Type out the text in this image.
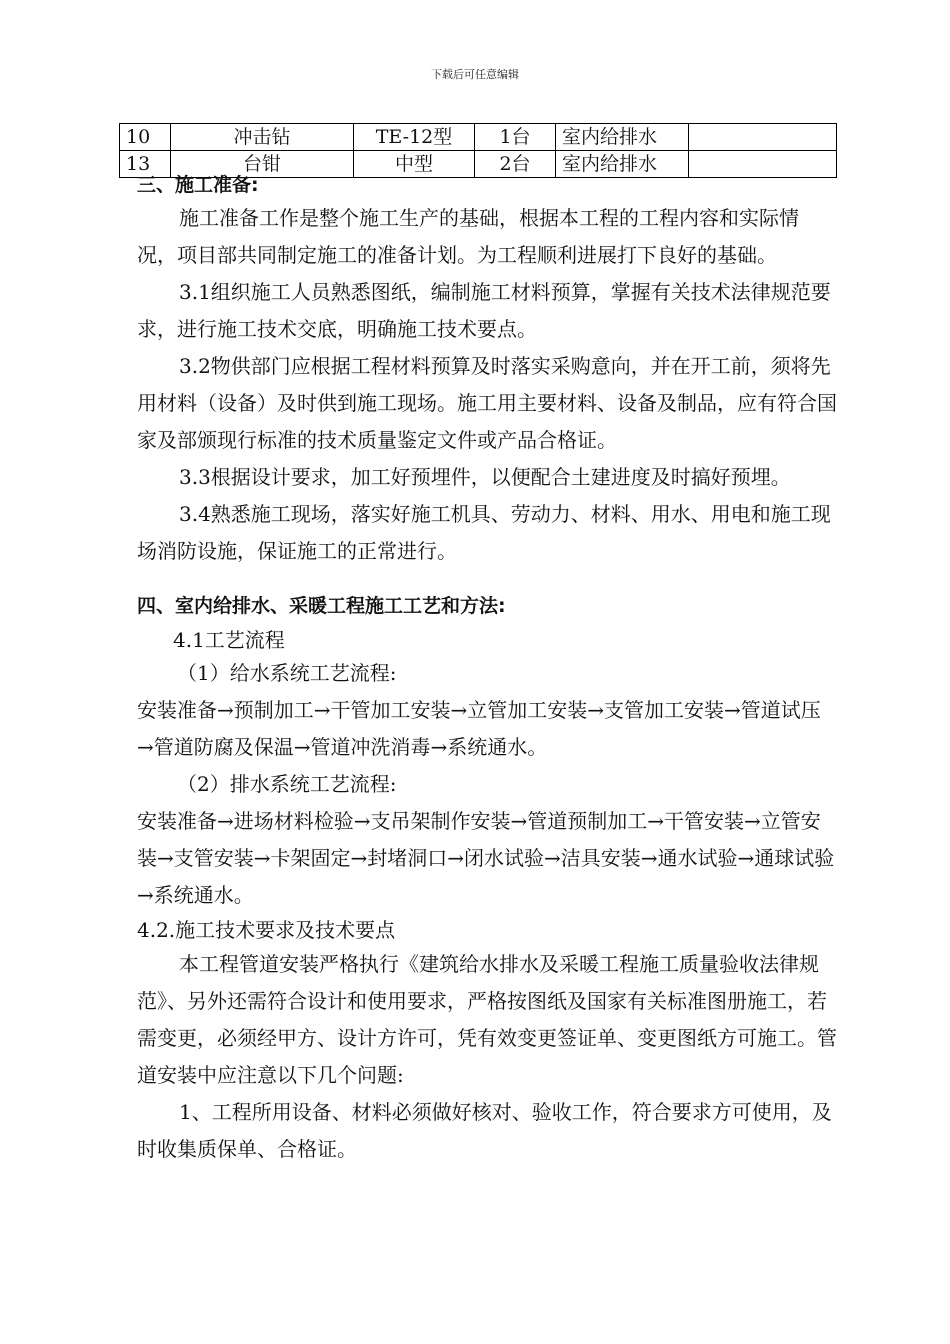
下载后可任意编辑
10	冲击钻	TE-12型	1台	室内给排水	
13	台钳	中型	2台	室内给排水	

三、施工准备:

施工准备工作是整个施工生产的基础，根据本工程的工程内容和实际情况，项目部共同制定施工的准备计划。为工程顺利进展打下良好的基础。

3.1组织施工人员熟悉图纸，编制施工材料预算，掌握有关技术法律规范要求，进行施工技术交底，明确施工技术要点。

3.2物供部门应根据工程材料预算及时落实采购意向，并在开工前，须将先用材料（设备）及时供到施工现场。施工用主要材料、设备及制品，应有符合国家及部颁现行标准的技术质量鉴定文件或产品合格证。

3.3根据设计要求，加工好预埋件，以便配合土建进度及时搞好预埋。

3.4熟悉施工现场，落实好施工机具、劳动力、材料、用水、用电和施工现场消防设施，保证施工的正常进行。

四、室内给排水、采暖工程施工工艺和方法:

4.1工艺流程

（1）给水系统工艺流程:

安装准备→预制加工→干管加工安装→立管加工安装→支管加工安装→管道试压→管道防腐及保温→管道冲洗消毒→系统通水。

（2）排水系统工艺流程:

安装准备→进场材料检验→支吊架制作安装→管道预制加工→干管安装→立管安装→支管安装→卡架固定→封堵洞口→闭水试验→洁具安装→通水试验→通球试验→系统通水。

4.2.施工技术要求及技术要点

本工程管道安装严格执行《建筑给水排水及采暖工程施工质量验收法律规范》、另外还需符合设计和使用要求，严格按图纸及国家有关标准图册施工，若需变更，必须经甲方、设计方许可，凭有效变更签证单、变更图纸方可施工。管道安装中应注意以下几个问题:

1、工程所用设备、材料必须做好核对、验收工作，符合要求方可使用，及时收集质保单、合格证。
